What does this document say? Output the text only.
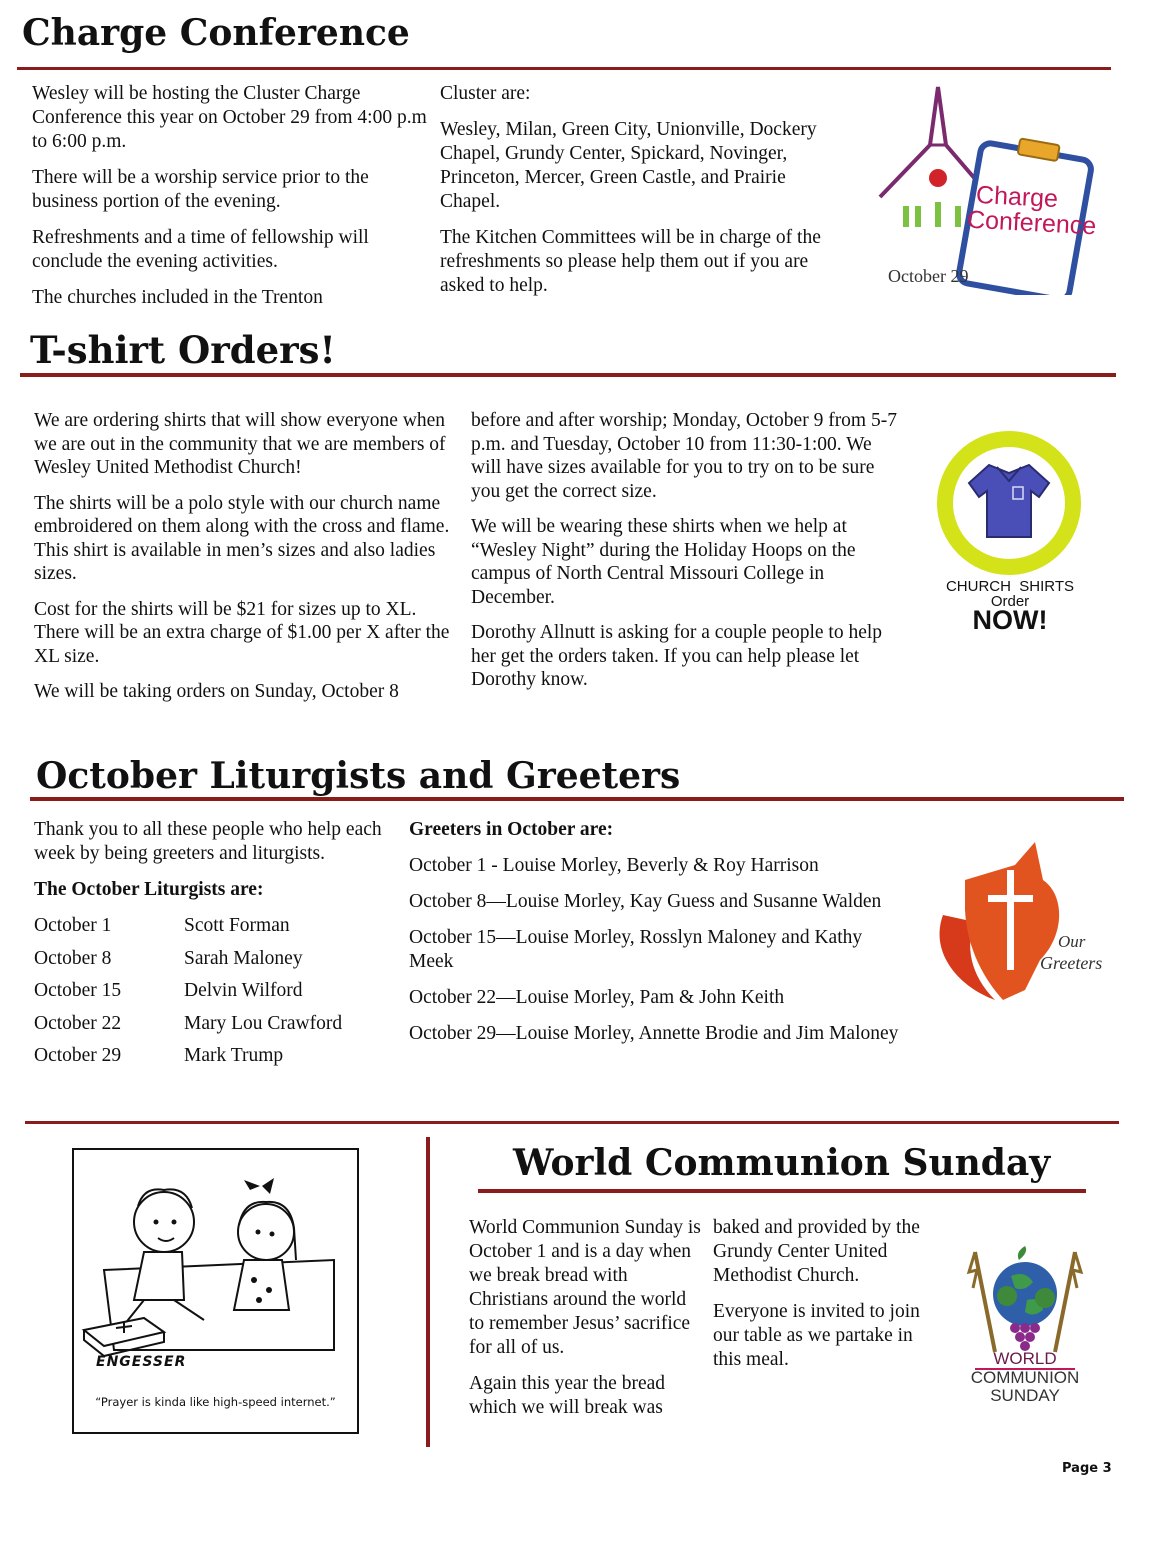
Charge Conference

Wesley will be hosting the Cluster Charge Conference this year on October 29 from 4:00 p.m to 6:00 p.m.

There will be a worship service prior to the business portion of the evening.

Refreshments and a time of fellowship will conclude the evening activities.

The churches included in the Trenton

Cluster are:

Wesley, Milan, Green City, Unionville, Dockery Chapel, Grundy Center, Spickard, Novinger, Princeton, Mercer, Green Castle, and Prairie Chapel.

The Kitchen Committees will be in charge of the refreshments so please help them out if you are asked to help.

Charge
Conference
October 29
T-shirt Orders!

We are ordering shirts that will show everyone when we are out in the community that we are members of Wesley United Methodist Church!

The shirts will be a polo style with our church name embroidered on them along with the cross and flame. This shirt is available in men’s sizes and also ladies sizes.

Cost for the shirts will be $21 for sizes up to XL. There will be an extra charge of $1.00 per X after the XL size.

We will be taking orders on Sunday, October 8

before and after worship; Monday, October 9 from 5-7 p.m. and Tuesday, October 10 from 11:30-1:00. We will have sizes available for you to try on to be sure you get the correct size.

We will be wearing these shirts when we help at “Wesley Night” during the Holiday Hoops on the campus of North Central Missouri College in December.

Dorothy Allnutt is asking for a couple people to help her get the orders taken. If you can help please let Dorothy know.

CHURCH  SHIRTS
Order
NOW!
October Liturgists and Greeters

Thank you to all these people who help each week by being greeters and liturgists.

The October Liturgists are:

October 1	Scott Forman
October 8	Sarah Maloney
October 15	Delvin Wilford
October 22	Mary Lou Crawford
October 29	Mark Trump

Greeters in October are:

October 1 - Louise Morley, Beverly & Roy Harrison

October 8—Louise Morley, Kay Guess and Susanne Walden

October 15—Louise Morley, Rosslyn Maloney and Kathy Meek

October 22—Louise Morley, Pam & John Keith

October 29—Louise Morley, Annette Brodie and Jim Maloney

Our
Greeters
ENGESSER
“Prayer is kinda like high-speed internet.”
World Communion Sunday

World Communion Sunday is October 1 and is a day when we break bread with Christians around the world to remember Jesus’ sacrifice for all of us.

Again this year the bread which we will break was

baked and provided by the Grundy Center United Methodist Church.

Everyone is invited to join our table as we partake in this meal.	WORLD
COMMUNION
SUNDAY
Page 3
